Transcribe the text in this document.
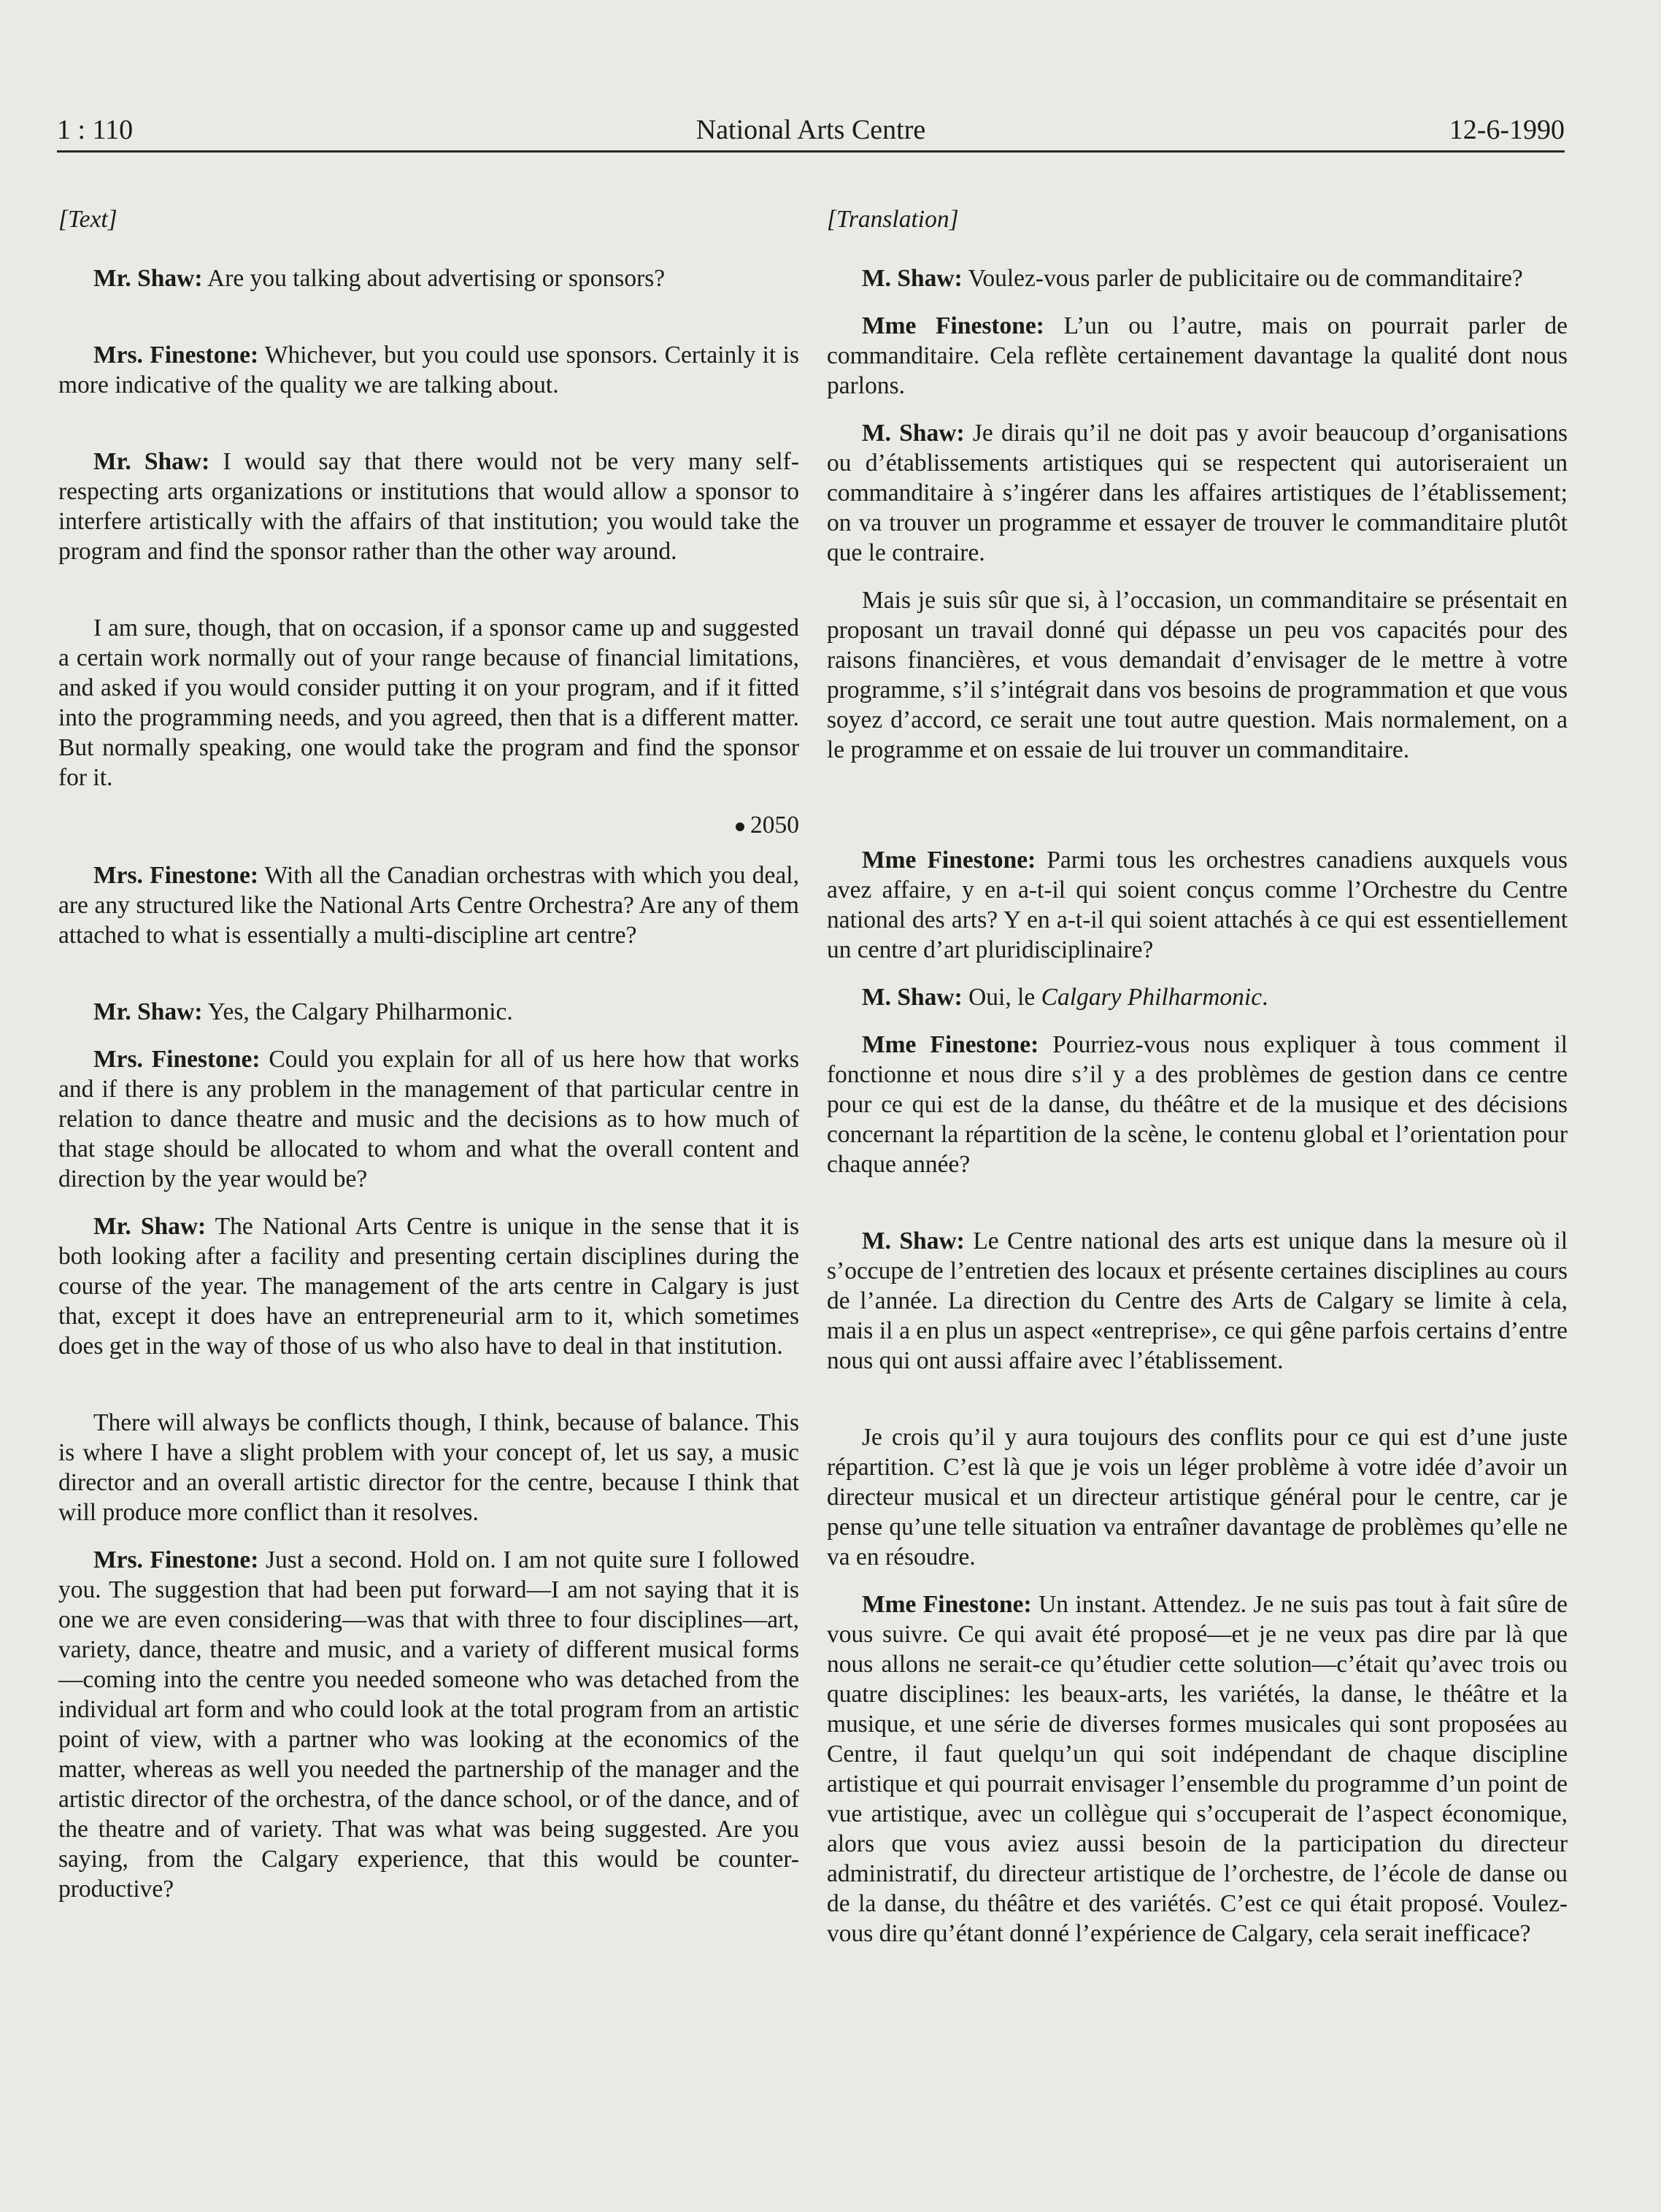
1 : 110	National Arts Centre	12-6-1990
[Text]

Mr. Shaw: Are you talking about advertising or sponsors?

Mrs. Finestone: Whichever, but you could use sponsors. Certainly it is more indicative of the quality we are talking about.

Mr. Shaw: I would say that there would not be very many self-respecting arts organizations or institutions that would allow a sponsor to interfere artistically with the affairs of that institution; you would take the program and find the sponsor rather than the other way around.

I am sure, though, that on occasion, if a sponsor came up and suggested a certain work normally out of your range because of financial limitations, and asked if you would consider putting it on your program, and if it fitted into the programming needs, and you agreed, then that is a different matter. But normally speaking, one would take the program and find the sponsor for it.

2050

Mrs. Finestone: With all the Canadian orchestras with which you deal, are any structured like the National Arts Centre Orchestra? Are any of them attached to what is essentially a multi-discipline art centre?

Mr. Shaw: Yes, the Calgary Philharmonic.

Mrs. Finestone: Could you explain for all of us here how that works and if there is any problem in the management of that particular centre in relation to dance theatre and music and the decisions as to how much of that stage should be allocated to whom and what the overall content and direction by the year would be?

Mr. Shaw: The National Arts Centre is unique in the sense that it is both looking after a facility and presenting certain disciplines during the course of the year. The management of the arts centre in Calgary is just that, except it does have an entrepreneurial arm to it, which sometimes does get in the way of those of us who also have to deal in that institution.

There will always be conflicts though, I think, because of balance. This is where I have a slight problem with your concept of, let us say, a music director and an overall artistic director for the centre, because I think that will produce more conflict than it resolves.

Mrs. Finestone: Just a second. Hold on. I am not quite sure I followed you. The suggestion that had been put forward—I am not saying that it is one we are even considering—was that with three to four disciplines—art, variety, dance, theatre and music, and a variety of different musical forms—coming into the centre you needed someone who was detached from the individual art form and who could look at the total program from an artistic point of view, with a partner who was looking at the economics of the matter, whereas as well you needed the partnership of the manager and the artistic director of the orchestra, of the dance school, or of the dance, and of the theatre and of variety. That was what was being suggested. Are you saying, from the Calgary experience, that this would be counter-productive?

[Translation]

M. Shaw: Voulez-vous parler de publicitaire ou de commanditaire?

Mme Finestone: L’un ou l’autre, mais on pourrait parler de commanditaire. Cela reflète certainement davantage la qualité dont nous parlons.

M. Shaw: Je dirais qu’il ne doit pas y avoir beaucoup d’organisations ou d’établissements artistiques qui se respectent qui autoriseraient un commanditaire à s’ingérer dans les affaires artistiques de l’établissement; on va trouver un programme et essayer de trouver le commanditaire plutôt que le contraire.

Mais je suis sûr que si, à l’occasion, un commanditaire se présentait en proposant un travail donné qui dépasse un peu vos capacités pour des raisons financières, et vous demandait d’envisager de le mettre à votre programme, s’il s’intégrait dans vos besoins de programmation et que vous soyez d’accord, ce serait une tout autre question. Mais normalement, on a le programme et on essaie de lui trouver un commanditaire.

Mme Finestone: Parmi tous les orchestres canadiens auxquels vous avez affaire, y en a-t-il qui soient conçus comme l’Orchestre du Centre national des arts? Y en a-t-il qui soient attachés à ce qui est essentiellement un centre d’art pluridisciplinaire?

M. Shaw: Oui, le Calgary Philharmonic.

Mme Finestone: Pourriez-vous nous expliquer à tous comment il fonctionne et nous dire s’il y a des problèmes de gestion dans ce centre pour ce qui est de la danse, du théâtre et de la musique et des décisions concernant la répartition de la scène, le contenu global et l’orientation pour chaque année?

M. Shaw: Le Centre national des arts est unique dans la mesure où il s’occupe de l’entretien des locaux et présente certaines disciplines au cours de l’année. La direction du Centre des Arts de Calgary se limite à cela, mais il a en plus un aspect «entreprise», ce qui gêne parfois certains d’entre nous qui ont aussi affaire avec l’établissement.

Je crois qu’il y aura toujours des conflits pour ce qui est d’une juste répartition. C’est là que je vois un léger problème à votre idée d’avoir un directeur musical et un directeur artistique général pour le centre, car je pense qu’une telle situation va entraîner davantage de problèmes qu’elle ne va en résoudre.

Mme Finestone: Un instant. Attendez. Je ne suis pas tout à fait sûre de vous suivre. Ce qui avait été proposé—et je ne veux pas dire par là que nous allons ne serait-ce qu’étudier cette solution—c’était qu’avec trois ou quatre disciplines: les beaux-arts, les variétés, la danse, le théâtre et la musique, et une série de diverses formes musicales qui sont proposées au Centre, il faut quelqu’un qui soit indépendant de chaque discipline artistique et qui pourrait envisager l’ensemble du programme d’un point de vue artistique, avec un collègue qui s’occuperait de l’aspect économique, alors que vous aviez aussi besoin de la participation du directeur administratif, du directeur artistique de l’orchestre, de l’école de danse ou de la danse, du théâtre et des variétés. C’est ce qui était proposé. Voulez-vous dire qu’étant donné l’expérience de Calgary, cela serait inefficace?
